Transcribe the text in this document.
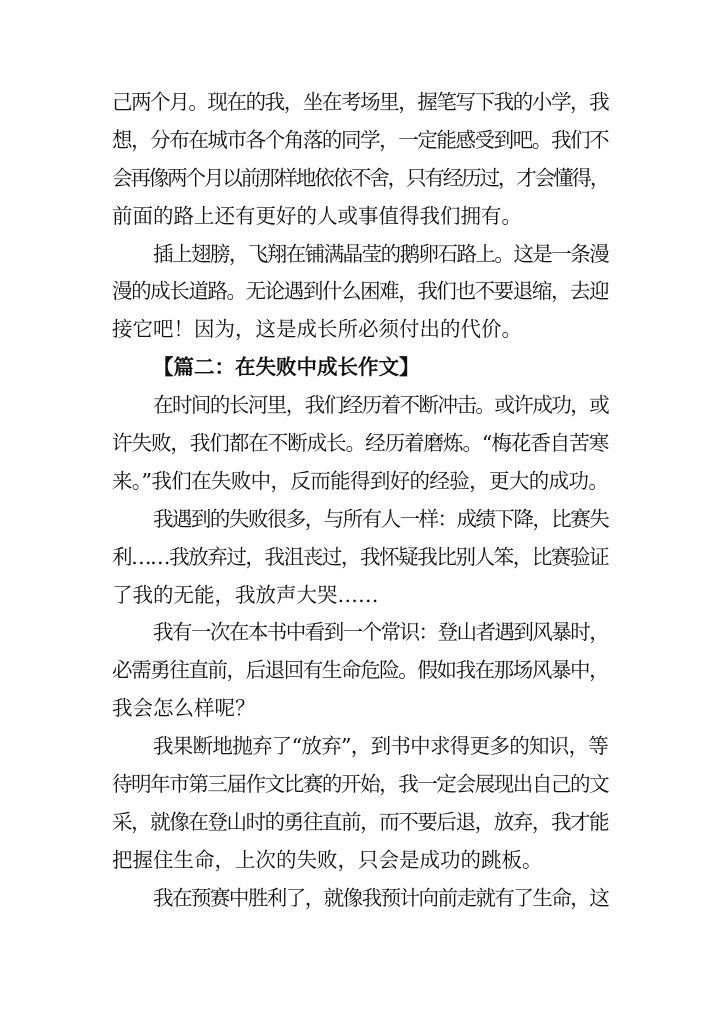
己两个月。现在的我，坐在考场里，握笔写下我的小学，我
想，分布在城市各个角落的同学，一定能感受到吧。我们不
会再像两个月以前那样地依依不舍，只有经历过，才会懂得，
前面的路上还有更好的人或事值得我们拥有。
插上翅膀，飞翔在铺满晶莹的鹅卵石路上。这是一条漫
漫的成长道路。无论遇到什么困难，我们也不要退缩，去迎
接它吧！因为，这是成长所必须付出的代价。
【篇二：在失败中成长作文】
在时间的长河里，我们经历着不断冲击。或许成功，或
许失败，我们都在不断成长。经历着磨炼。“梅花香自苦寒
来。”我们在失败中，反而能得到好的经验，更大的成功。
我遇到的失败很多，与所有人一样：成绩下降，比赛失
利……我放弃过，我沮丧过，我怀疑我比别人笨，比赛验证
了我的无能，我放声大哭……
我有一次在本书中看到一个常识：登山者遇到风暴时，
必需勇往直前，后退回有生命危险。假如我在那场风暴中，
我会怎么样呢？
我果断地抛弃了“放弃”，到书中求得更多的知识，等
待明年市第三届作文比赛的开始，我一定会展现出自己的文
采，就像在登山时的勇往直前，而不要后退，放弃，我才能
把握住生命，上次的失败，只会是成功的跳板。
我在预赛中胜利了，就像我预计向前走就有了生命，这
